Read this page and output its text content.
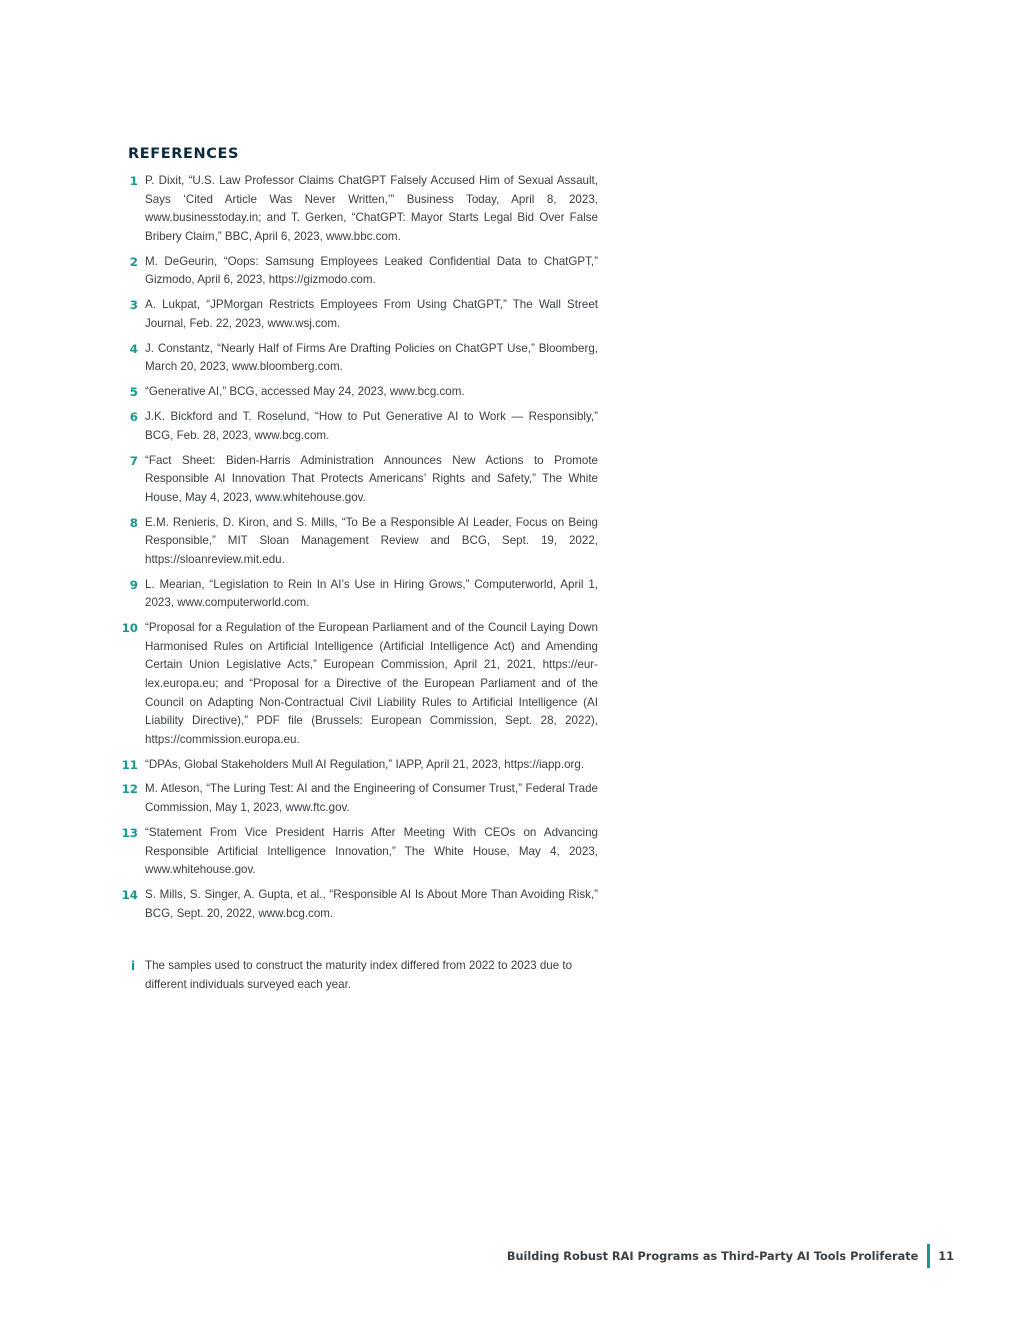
REFERENCES
1 P. Dixit, “U.S. Law Professor Claims ChatGPT Falsely Accused Him of Sexual Assault, Says ‘Cited Article Was Never Written,’” Business Today, April 8, 2023, www.businesstoday.in; and T. Gerken, “ChatGPT: Mayor Starts Legal Bid Over False Bribery Claim,” BBC, April 6, 2023, www.bbc.com.
2 M. DeGeurin, “Oops: Samsung Employees Leaked Confidential Data to ChatGPT,” Gizmodo, April 6, 2023, https://gizmodo.com.
3 A. Lukpat, “JPMorgan Restricts Employees From Using ChatGPT,” The Wall Street Journal, Feb. 22, 2023, www.wsj.com.
4 J. Constantz, “Nearly Half of Firms Are Drafting Policies on ChatGPT Use,” Bloomberg, March 20, 2023, www.bloomberg.com.
5 “Generative AI,” BCG, accessed May 24, 2023, www.bcg.com.
6 J.K. Bickford and T. Roselund, “How to Put Generative AI to Work — Responsibly,” BCG, Feb. 28, 2023, www.bcg.com.
7 “Fact Sheet: Biden-Harris Administration Announces New Actions to Promote Responsible AI Innovation That Protects Americans’ Rights and Safety,” The White House, May 4, 2023, www.whitehouse.gov.
8 E.M. Renieris, D. Kiron, and S. Mills, “To Be a Responsible AI Leader, Focus on Being Responsible,” MIT Sloan Management Review and BCG, Sept. 19, 2022, https://sloanreview.mit.edu.
9 L. Mearian, “Legislation to Rein In AI’s Use in Hiring Grows,” Computerworld, April 1, 2023, www.computerworld.com.
10 “Proposal for a Regulation of the European Parliament and of the Council Laying Down Harmonised Rules on Artificial Intelligence (Artificial Intelligence Act) and Amending Certain Union Legislative Acts,” European Commission, April 21, 2021, https://eur-lex.europa.eu; and “Proposal for a Directive of the European Parliament and of the Council on Adapting Non-Contractual Civil Liability Rules to Artificial Intelligence (AI Liability Directive),” PDF file (Brussels: European Commission, Sept. 28, 2022), https://commission.europa.eu.
11 “DPAs, Global Stakeholders Mull AI Regulation,” IAPP, April 21, 2023, https://iapp.org.
12 M. Atleson, “The Luring Test: AI and the Engineering of Consumer Trust,” Federal Trade Commission, May 1, 2023, www.ftc.gov.
13 “Statement From Vice President Harris After Meeting With CEOs on Advancing Responsible Artificial Intelligence Innovation,” The White House, May 4, 2023, www.whitehouse.gov.
14 S. Mills, S. Singer, A. Gupta, et al., “Responsible AI Is About More Than Avoiding Risk,” BCG, Sept. 20, 2022, www.bcg.com.
i The samples used to construct the maturity index differed from 2022 to 2023 due to different individuals surveyed each year.
Building Robust RAI Programs as Third-Party AI Tools Proliferate 11
